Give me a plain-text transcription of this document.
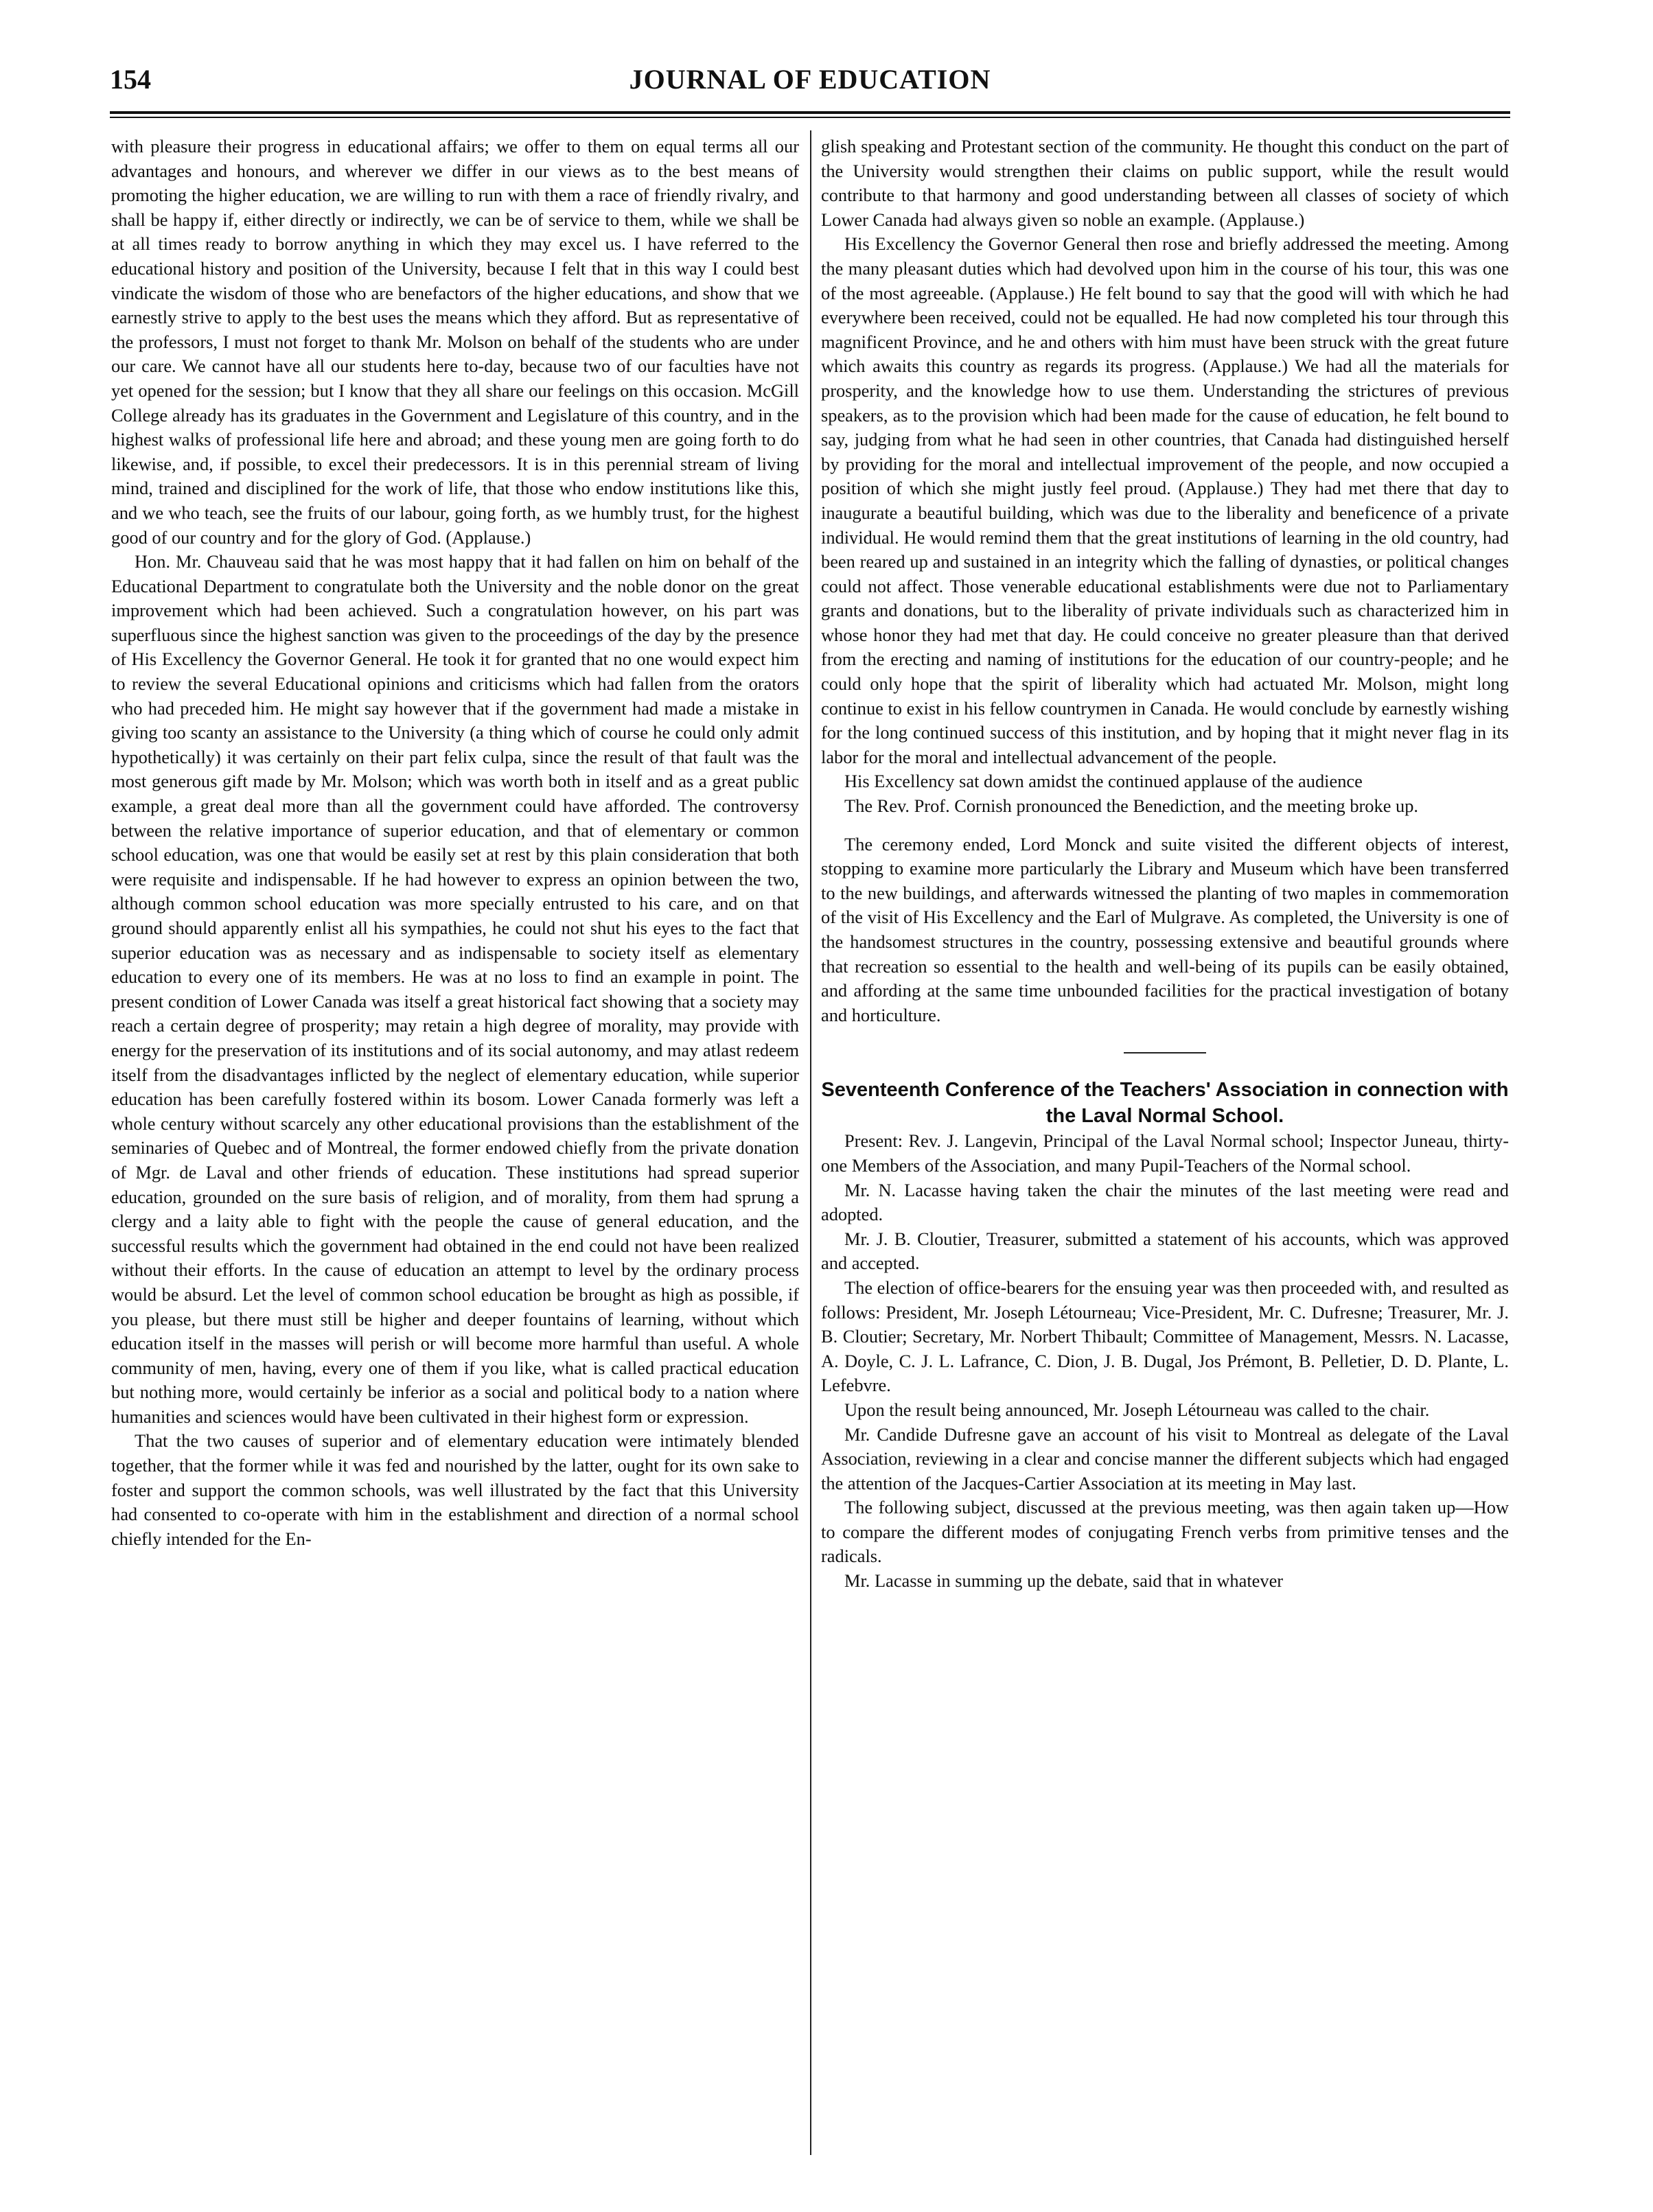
154	JOURNAL OF EDUCATION

with pleasure their progress in educational affairs; we offer to them on equal terms all our advantages and honours, and wherever we differ in our views as to the best means of promoting the higher education, we are willing to run with them a race of friendly rivalry, and shall be happy if, either directly or indirectly, we can be of service to them, while we shall be at all times ready to borrow anything in which they may excel us. I have referred to the educational history and position of the University, because I felt that in this way I could best vindicate the wisdom of those who are benefactors of the higher educations, and show that we earnestly strive to apply to the best uses the means which they afford. But as representative of the professors, I must not forget to thank Mr. Molson on behalf of the students who are under our care. We cannot have all our students here to-day, because two of our faculties have not yet opened for the session; but I know that they all share our feelings on this occasion. McGill College already has its graduates in the Government and Legislature of this country, and in the highest walks of professional life here and abroad; and these young men are going forth to do likewise, and, if possible, to excel their predecessors. It is in this perennial stream of living mind, trained and disciplined for the work of life, that those who endow institutions like this, and we who teach, see the fruits of our labour, going forth, as we humbly trust, for the highest good of our country and for the glory of God. (Applause.)

Hon. Mr. Chauveau said that he was most happy that it had fallen on him on behalf of the Educational Department to congratulate both the University and the noble donor on the great improvement which had been achieved. Such a congratulation however, on his part was superfluous since the highest sanction was given to the proceedings of the day by the presence of His Excellency the Governor General. He took it for granted that no one would expect him to review the several Educational opinions and criticisms which had fallen from the orators who had preceded him. He might say however that if the government had made a mistake in giving too scanty an assistance to the University (a thing which of course he could only admit hypothetically) it was certainly on their part felix culpa, since the result of that fault was the most generous gift made by Mr. Molson; which was worth both in itself and as a great public example, a great deal more than all the government could have afforded. The controversy between the relative importance of superior education, and that of elementary or common school education, was one that would be easily set at rest by this plain consideration that both were requisite and indispensable. If he had however to express an opinion between the two, although common school education was more specially entrusted to his care, and on that ground should apparently enlist all his sympathies, he could not shut his eyes to the fact that superior education was as necessary and as indispensable to society itself as elementary education to every one of its members. He was at no loss to find an example in point. The present condition of Lower Canada was itself a great historical fact showing that a society may reach a certain degree of prosperity; may retain a high degree of morality, may provide with energy for the preservation of its institutions and of its social autonomy, and may atlast redeem itself from the disadvantages inflicted by the neglect of elementary education, while superior education has been carefully fostered within its bosom. Lower Canada formerly was left a whole century without scarcely any other educational provisions than the establishment of the seminaries of Quebec and of Montreal, the former endowed chiefly from the private donation of Mgr. de Laval and other friends of education. These institutions had spread superior education, grounded on the sure basis of religion, and of morality, from them had sprung a clergy and a laity able to fight with the people the cause of general education, and the successful results which the government had obtained in the end could not have been realized without their efforts. In the cause of education an attempt to level by the ordinary process would be absurd. Let the level of common school education be brought as high as possible, if you please, but there must still be higher and deeper fountains of learning, without which education itself in the masses will perish or will become more harmful than useful. A whole community of men, having, every one of them if you like, what is called practical education but nothing more, would certainly be inferior as a social and political body to a nation where humanities and sciences would have been cultivated in their highest form or expression.

That the two causes of superior and of elementary education were intimately blended together, that the former while it was fed and nourished by the latter, ought for its own sake to foster and support the common schools, was well illustrated by the fact that this University had consented to co-operate with him in the establishment and direction of a normal school chiefly intended for the En-

glish speaking and Protestant section of the community. He thought this conduct on the part of the University would strengthen their claims on public support, while the result would contribute to that harmony and good understanding between all classes of society of which Lower Canada had always given so noble an example. (Applause.)

His Excellency the Governor General then rose and briefly addressed the meeting. Among the many pleasant duties which had devolved upon him in the course of his tour, this was one of the most agreeable. (Applause.) He felt bound to say that the good will with which he had everywhere been received, could not be equalled. He had now completed his tour through this magnificent Province, and he and others with him must have been struck with the great future which awaits this country as regards its progress. (Applause.) We had all the materials for prosperity, and the knowledge how to use them. Understanding the strictures of previous speakers, as to the provision which had been made for the cause of education, he felt bound to say, judging from what he had seen in other countries, that Canada had distinguished herself by providing for the moral and intellectual improvement of the people, and now occupied a position of which she might justly feel proud. (Applause.) They had met there that day to inaugurate a beautiful building, which was due to the liberality and beneficence of a private individual. He would remind them that the great institutions of learning in the old country, had been reared up and sustained in an integrity which the falling of dynasties, or political changes could not affect. Those venerable educational establishments were due not to Parliamentary grants and donations, but to the liberality of private individuals such as characterized him in whose honor they had met that day. He could conceive no greater pleasure than that derived from the erecting and naming of institutions for the education of our country-people; and he could only hope that the spirit of liberality which had actuated Mr. Molson, might long continue to exist in his fellow countrymen in Canada. He would conclude by earnestly wishing for the long continued success of this institution, and by hoping that it might never flag in its labor for the moral and intellectual advancement of the people.

His Excellency sat down amidst the continued applause of the audience

The Rev. Prof. Cornish pronounced the Benediction, and the meeting broke up.

The ceremony ended, Lord Monck and suite visited the different objects of interest, stopping to examine more particularly the Library and Museum which have been transferred to the new buildings, and afterwards witnessed the planting of two maples in commemoration of the visit of His Excellency and the Earl of Mulgrave. As completed, the University is one of the handsomest structures in the country, possessing extensive and beautiful grounds where that recreation so essential to the health and well-being of its pupils can be easily obtained, and affording at the same time unbounded facilities for the practical investigation of botany and horticulture.

Seventeenth Conference of the Teachers' Association in connection with the Laval Normal School.

Present: Rev. J. Langevin, Principal of the Laval Normal school; Inspector Juneau, thirty-one Members of the Association, and many Pupil-Teachers of the Normal school.

Mr. N. Lacasse having taken the chair the minutes of the last meeting were read and adopted.

Mr. J. B. Cloutier, Treasurer, submitted a statement of his accounts, which was approved and accepted.

The election of office-bearers for the ensuing year was then proceeded with, and resulted as follows: President, Mr. Joseph Létourneau; Vice-President, Mr. C. Dufresne; Treasurer, Mr. J. B. Cloutier; Secretary, Mr. Norbert Thibault; Committee of Management, Messrs. N. Lacasse, A. Doyle, C. J. L. Lafrance, C. Dion, J. B. Dugal, Jos Prémont, B. Pelletier, D. D. Plante, L. Lefebvre.

Upon the result being announced, Mr. Joseph Létourneau was called to the chair.

Mr. Candide Dufresne gave an account of his visit to Montreal as delegate of the Laval Association, reviewing in a clear and concise manner the different subjects which had engaged the attention of the Jacques-Cartier Association at its meeting in May last.

The following subject, discussed at the previous meeting, was then again taken up—How to compare the different modes of conjugating French verbs from primitive tenses and the radicals.

Mr. Lacasse in summing up the debate, said that in whatever
